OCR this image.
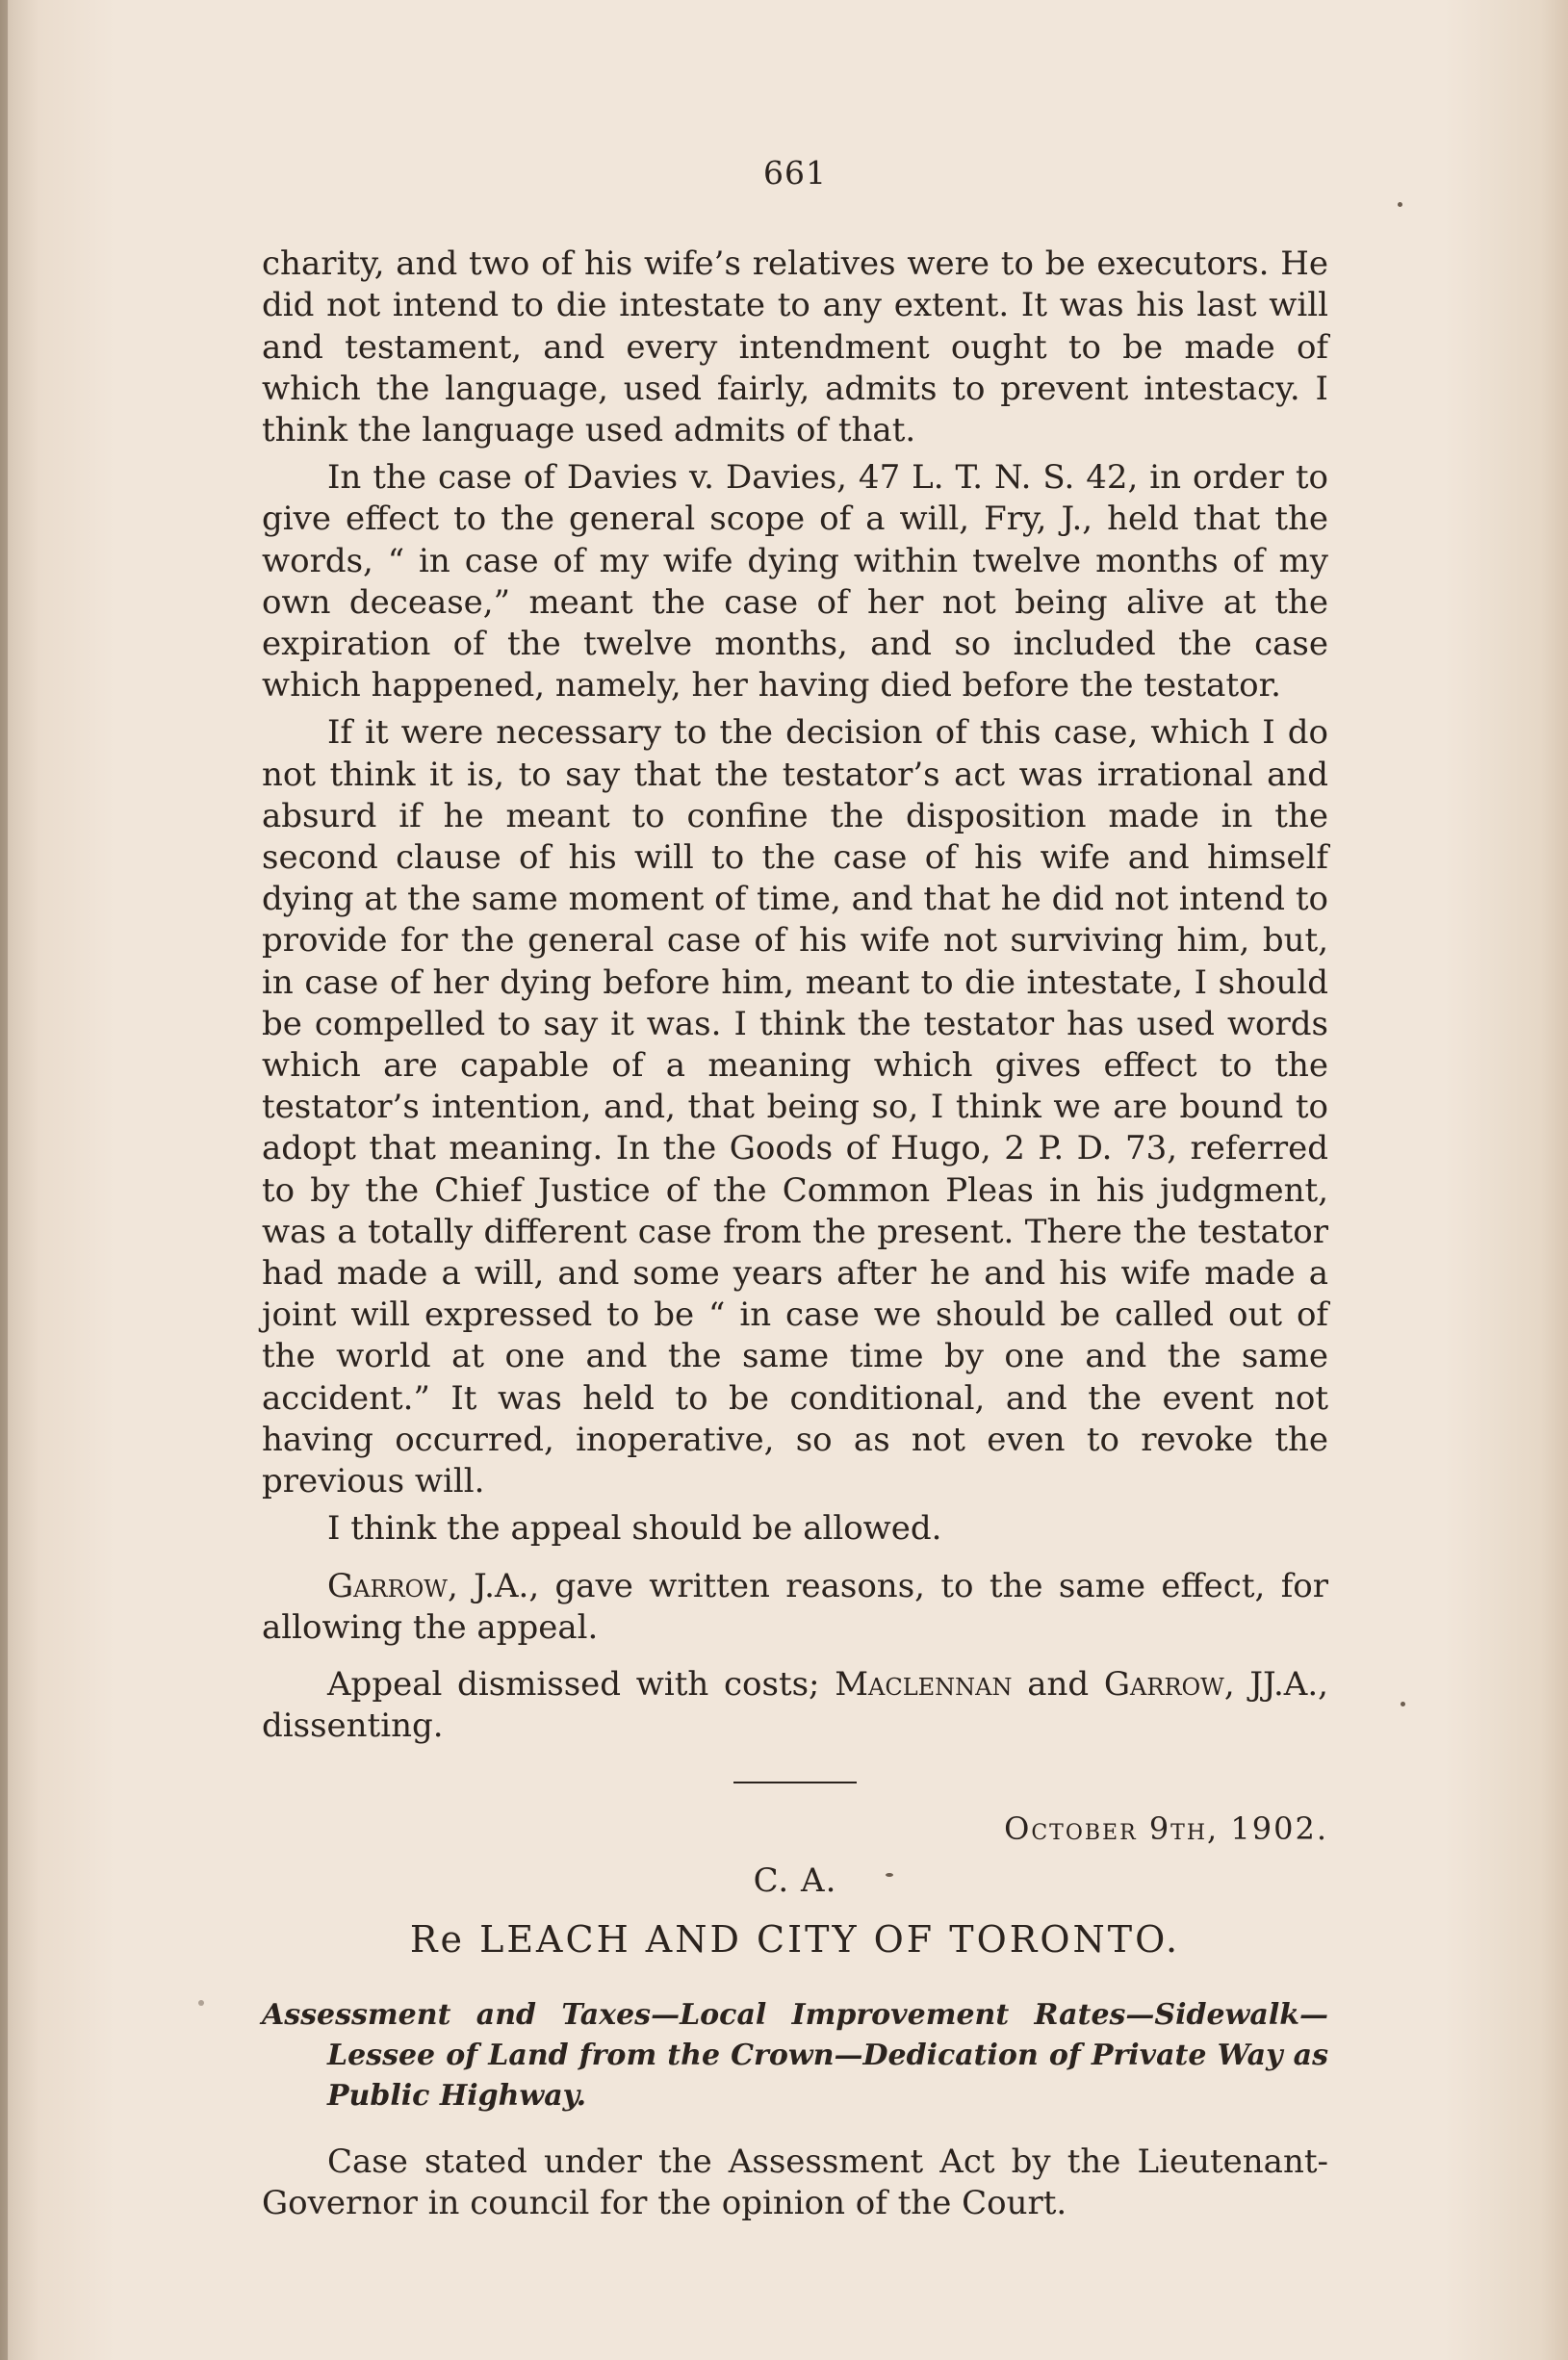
661

charity, and two of his wife’s relatives were to be executors. He did not intend to die intestate to any extent. It was his last will and testament, and every intendment ought to be made of which the language, used fairly, admits to prevent intestacy. I think the language used admits of that.

In the case of Davies v. Davies, 47 L. T. N. S. 42, in order to give effect to the general scope of a will, Fry, J., held that the words, “ in case of my wife dying within twelve months of my own decease,” meant the case of her not being alive at the expiration of the twelve months, and so included the case which happened, namely, her having died before the testator.

If it were necessary to the decision of this case, which I do not think it is, to say that the testator’s act was irrational and absurd if he meant to confine the disposition made in the second clause of his will to the case of his wife and himself dying at the same moment of time, and that he did not intend to provide for the general case of his wife not surviving him, but, in case of her dying before him, meant to die intestate, I should be compelled to say it was. I think the testator has used words which are capable of a meaning which gives effect to the testator’s intention, and, that being so, I think we are bound to adopt that meaning. In the Goods of Hugo, 2 P. D. 73, referred to by the Chief Justice of the Common Pleas in his judgment, was a totally different case from the present. There the testator had made a will, and some years after he and his wife made a joint will expressed to be “ in case we should be called out of the world at one and the same time by one and the same accident.” It was held to be conditional, and the event not having occurred, inoperative, so as not even to revoke the previous will.

I think the appeal should be allowed.

Garrow, J.A., gave written reasons, to the same effect, for allowing the appeal.

Appeal dismissed with costs; Maclennan and Garrow, JJ.A., dissenting.

October 9th, 1902.
C. A.
Re LEACH AND CITY OF TORONTO.
Assessment and Taxes—Local Improvement Rates—Sidewalk—Lessee of Land from the Crown—Dedication of Private Way as Public Highway.

Case stated under the Assessment Act by the Lieutenant-Governor in council for the opinion of the Court.
